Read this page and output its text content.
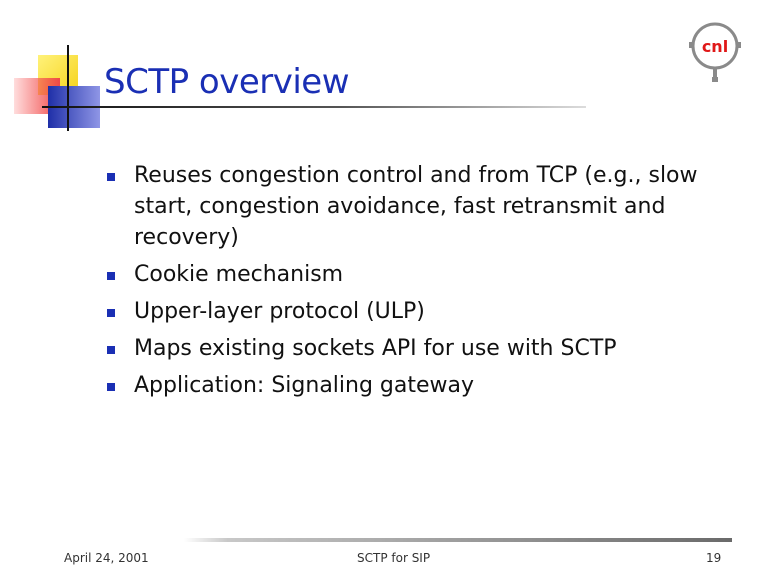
SCTP overview
cnl
Reuses congestion control and from TCP (e.g., slow start, congestion avoidance, fast retransmit and recovery)
Cookie mechanism
Upper-layer protocol (ULP)
Maps existing sockets API for use with SCTP
Application: Signaling gateway
April 24, 2001	SCTP for SIP	19
